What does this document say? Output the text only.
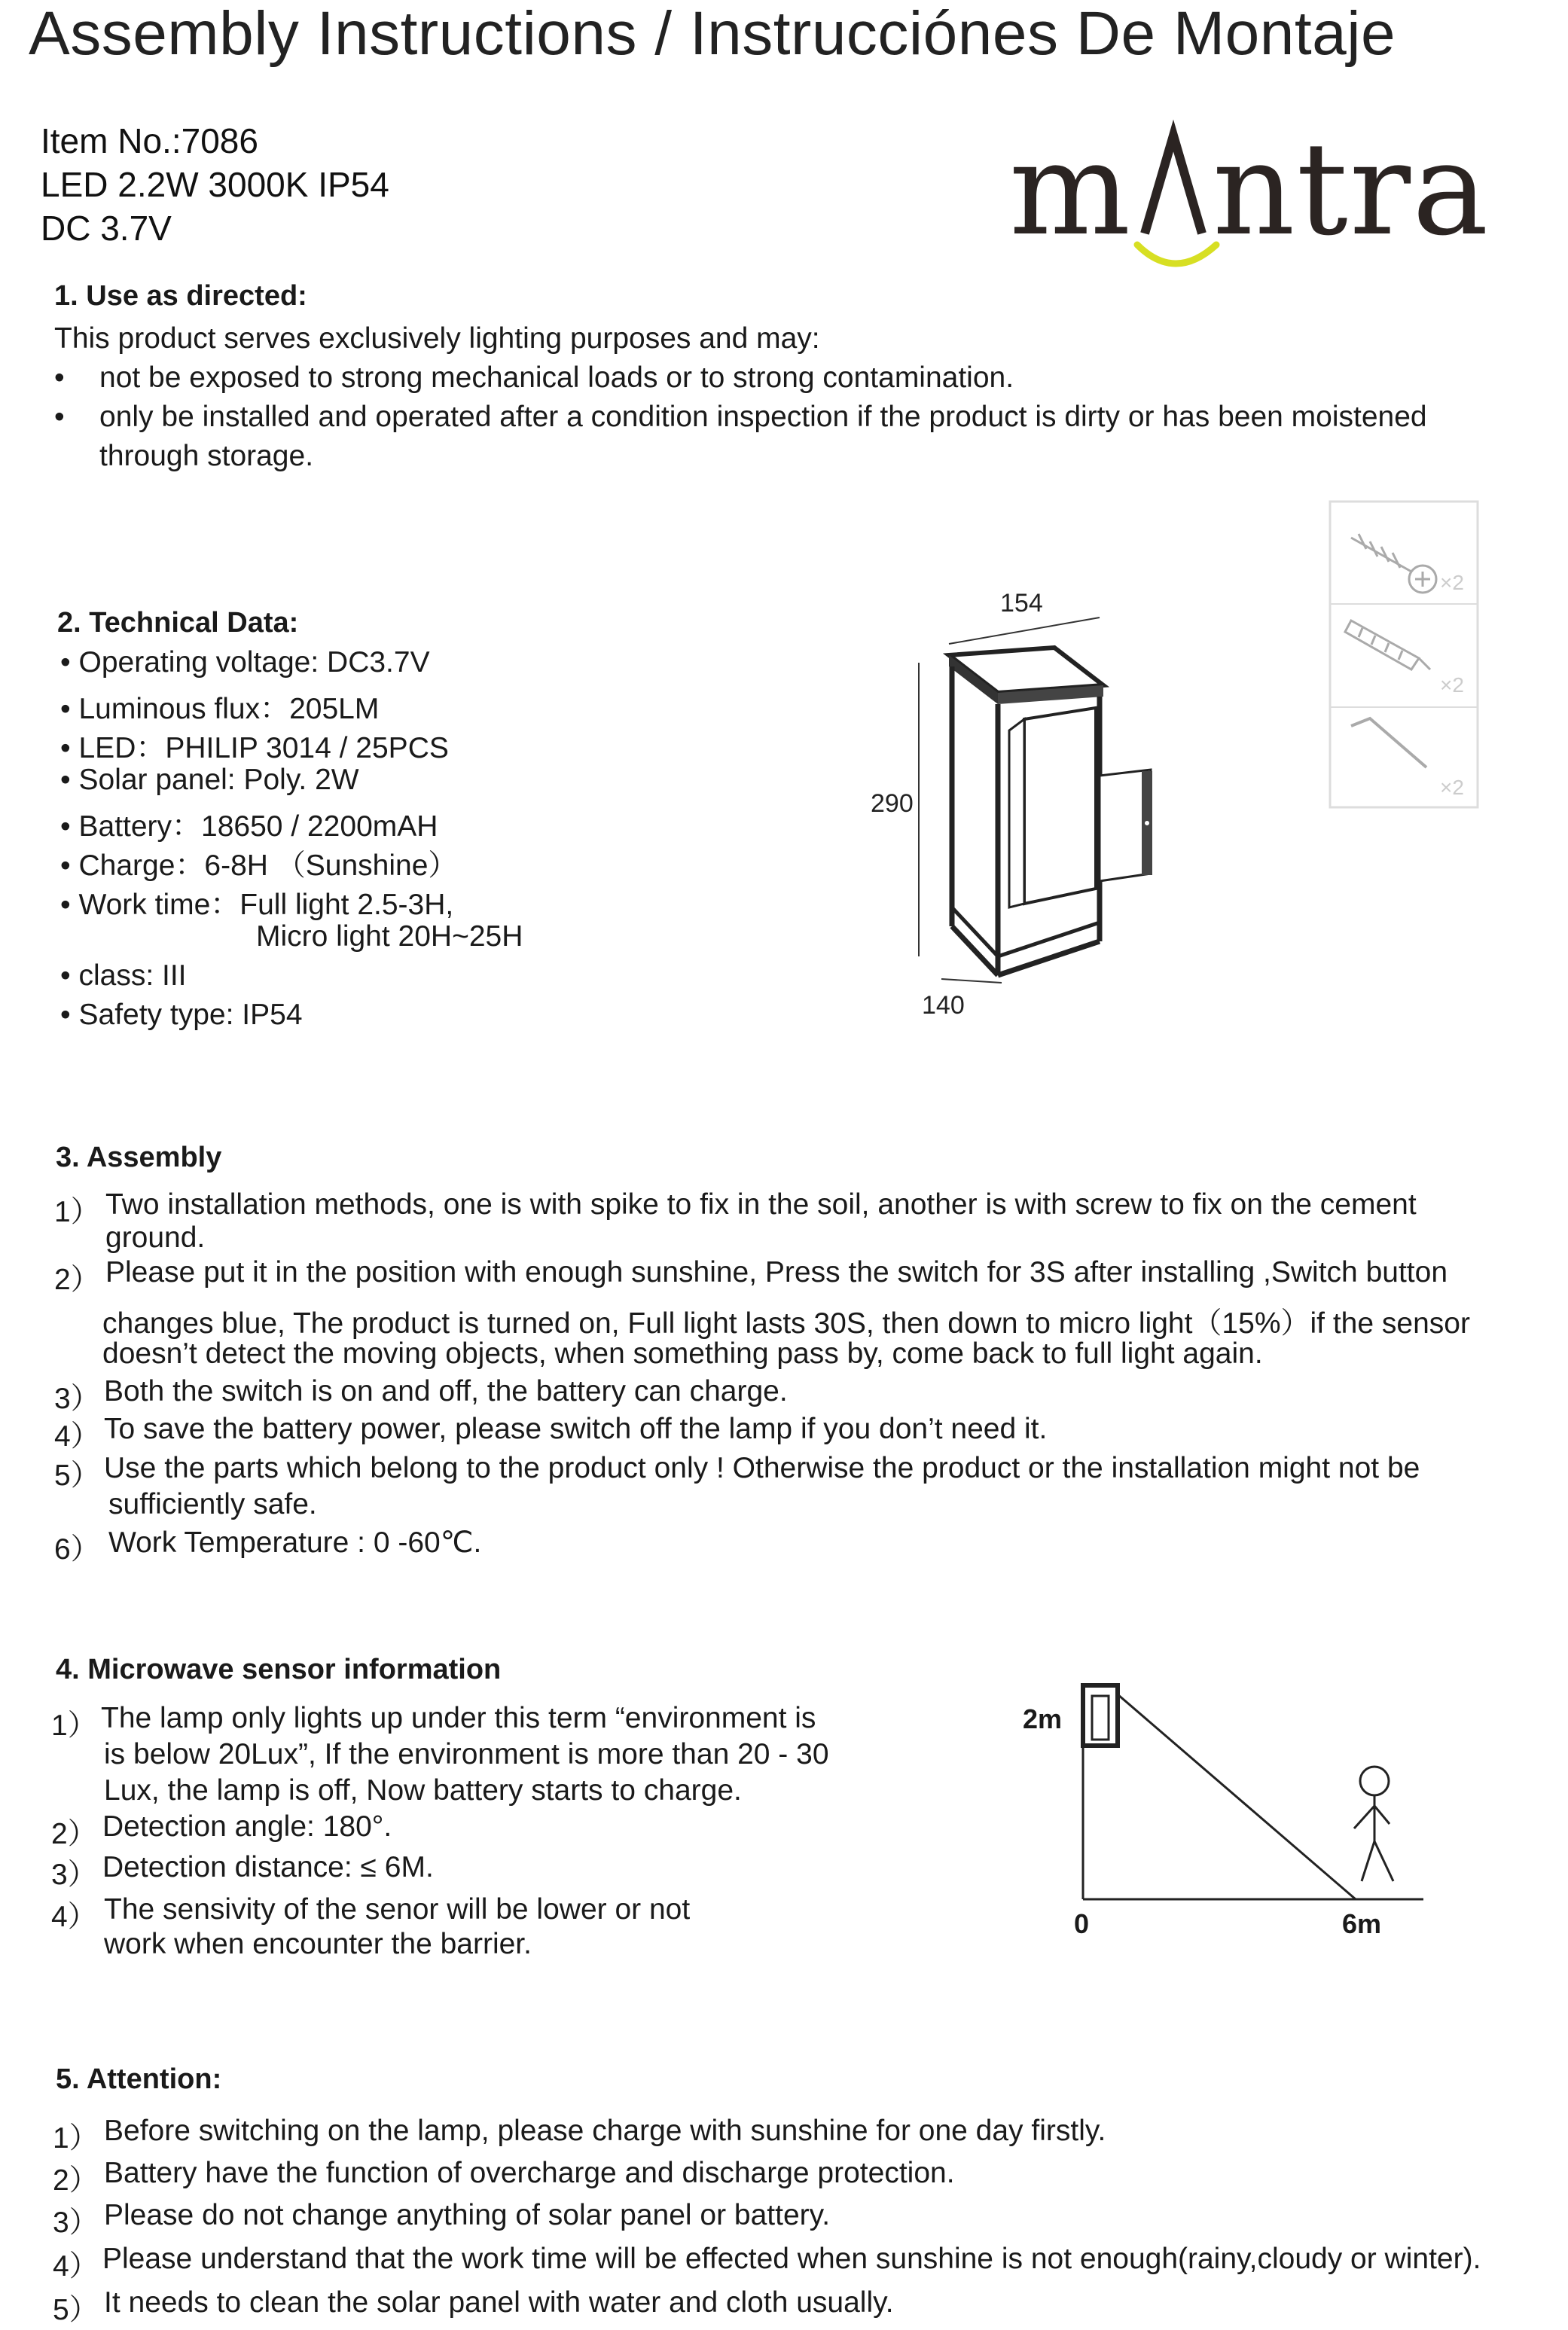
Assembly Instructions / Instrucciónes De Montaje
Item No.:7086
LED 2.2W 3000K IP54
DC 3.7V	m ntra
1. Use as directed:
This product serves exclusively lighting purposes and may:
• not be exposed to strong mechanical loads or to strong contamination.
• only be installed and operated after a condition inspection if the product is dirty or has been moistened
through storage.
2. Technical Data:
• Operating voltage: DC3.7V
• Luminous flux：205LM
• LED：PHILIP 3014 / 25PCS
• Solar panel: Poly. 2W
• Battery：18650 / 2200mAH
• Charge：6-8H （Sunshine）
• Work time：Full light 2.5-3H,
Micro light 20H~25H
• class: III
• Safety type: IP54
154
290
140
×2
×2
×2
3. Assembly
1） Two installation methods, one is with spike to fix in the soil, another is with screw to fix on the cement
ground.
2） Please put it in the position with enough sunshine, Press the switch for 3S after installing ,Switch button
changes blue, The product is turned on, Full light lasts 30S, then down to micro light（15%）if the sensor
doesn’t detect the moving objects, when something pass by, come back to full light again.
3） Both the switch is on and off, the battery can charge.
4） To save the battery power, please switch off the lamp if you don’t need it.
5） Use the parts which belong to the product only ! Otherwise the product or the installation might not be
sufficiently safe.
6） Work Temperature : 0 -60℃.
4. Microwave sensor information
1） The lamp only lights up under this term “environment is
is below 20Lux”, If the environment is more than 20 - 30
Lux, the lamp is off, Now battery starts to charge.
2） Detection angle: 180°.
3） Detection distance: ≤ 6M.
4） The sensivity of the senor will be lower or not
work when encounter the barrier.
2m
0	6m
5. Attention:
1） Before switching on the lamp, please charge with sunshine for one day firstly.
2） Battery have the function of overcharge and discharge protection.
3） Please do not change anything of solar panel or battery.
4） Please understand that the work time will be effected when sunshine is not enough(rainy,cloudy or winter).
5） It needs to clean the solar panel with water and cloth usually.
